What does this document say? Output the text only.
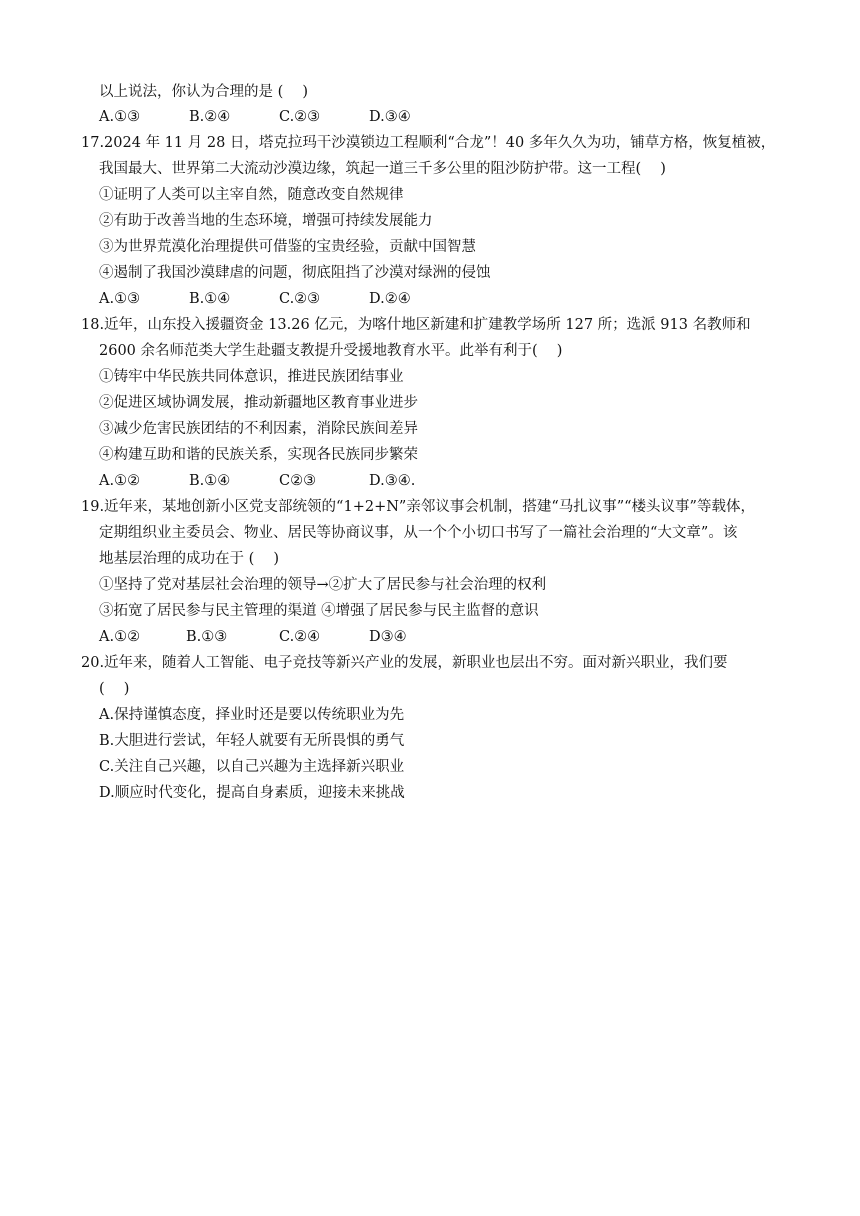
以上说法，你认为合理的是 (　 )
A.①③	B.②④	C.②③	D.③④
17.2024 年 11 月 28 日，塔克拉玛干沙漠锁边工程顺利“合龙”！40 多年久久为功，铺草方格，恢复植被，
我国最大、世界第二大流动沙漠边缘，筑起一道三千多公里的阻沙防护带。这一工程(　 )
①证明了人类可以主宰自然，随意改变自然规律
②有助于改善当地的生态环境，增强可持续发展能力
③为世界荒漠化治理提供可借鉴的宝贵经验，贡献中国智慧
④遏制了我国沙漠肆虐的问题，彻底阻挡了沙漠对绿洲的侵蚀
A.①③	B.①④	C.②③	D.②④
18.近年，山东投入援疆资金 13.26 亿元，为喀什地区新建和扩建教学场所 127 所；选派 913 名教师和
2600 余名师范类大学生赴疆支教提升受援地教育水平。此举有利于(　 )
①铸牢中华民族共同体意识，推进民族团结事业
②促进区域协调发展，推动新疆地区教育事业进步
③减少危害民族团结的不利因素，消除民族间差异
④构建互助和谐的民族关系，实现各民族同步繁荣
A.①②	B.①④	C②③	D.③④.
19.近年来，某地创新小区党支部统领的“1+2+N”亲邻议事会机制，搭建“马扎议事”“楼头议事”等载体，
定期组织业主委员会、物业、居民等协商议事，从一个个小切口书写了一篇社会治理的“大文章”。该
地基层治理的成功在于 (　 )
①坚持了党对基层社会治理的领导→②扩大了居民参与社会治理的权利
③拓宽了居民参与民主管理的渠道 ④增强了居民参与民主监督的意识
A.①②	B.①③	C.②④	D③④
20.近年来，随着人工智能、电子竞技等新兴产业的发展，新职业也层出不穷。面对新兴职业，我们要
(　 )
A.保持谨慎态度，择业时还是要以传统职业为先
B.大胆进行尝试，年轻人就要有无所畏惧的勇气
C.关注自己兴趣，以自己兴趣为主选择新兴职业
D.顺应时代变化，提高自身素质，迎接未来挑战
